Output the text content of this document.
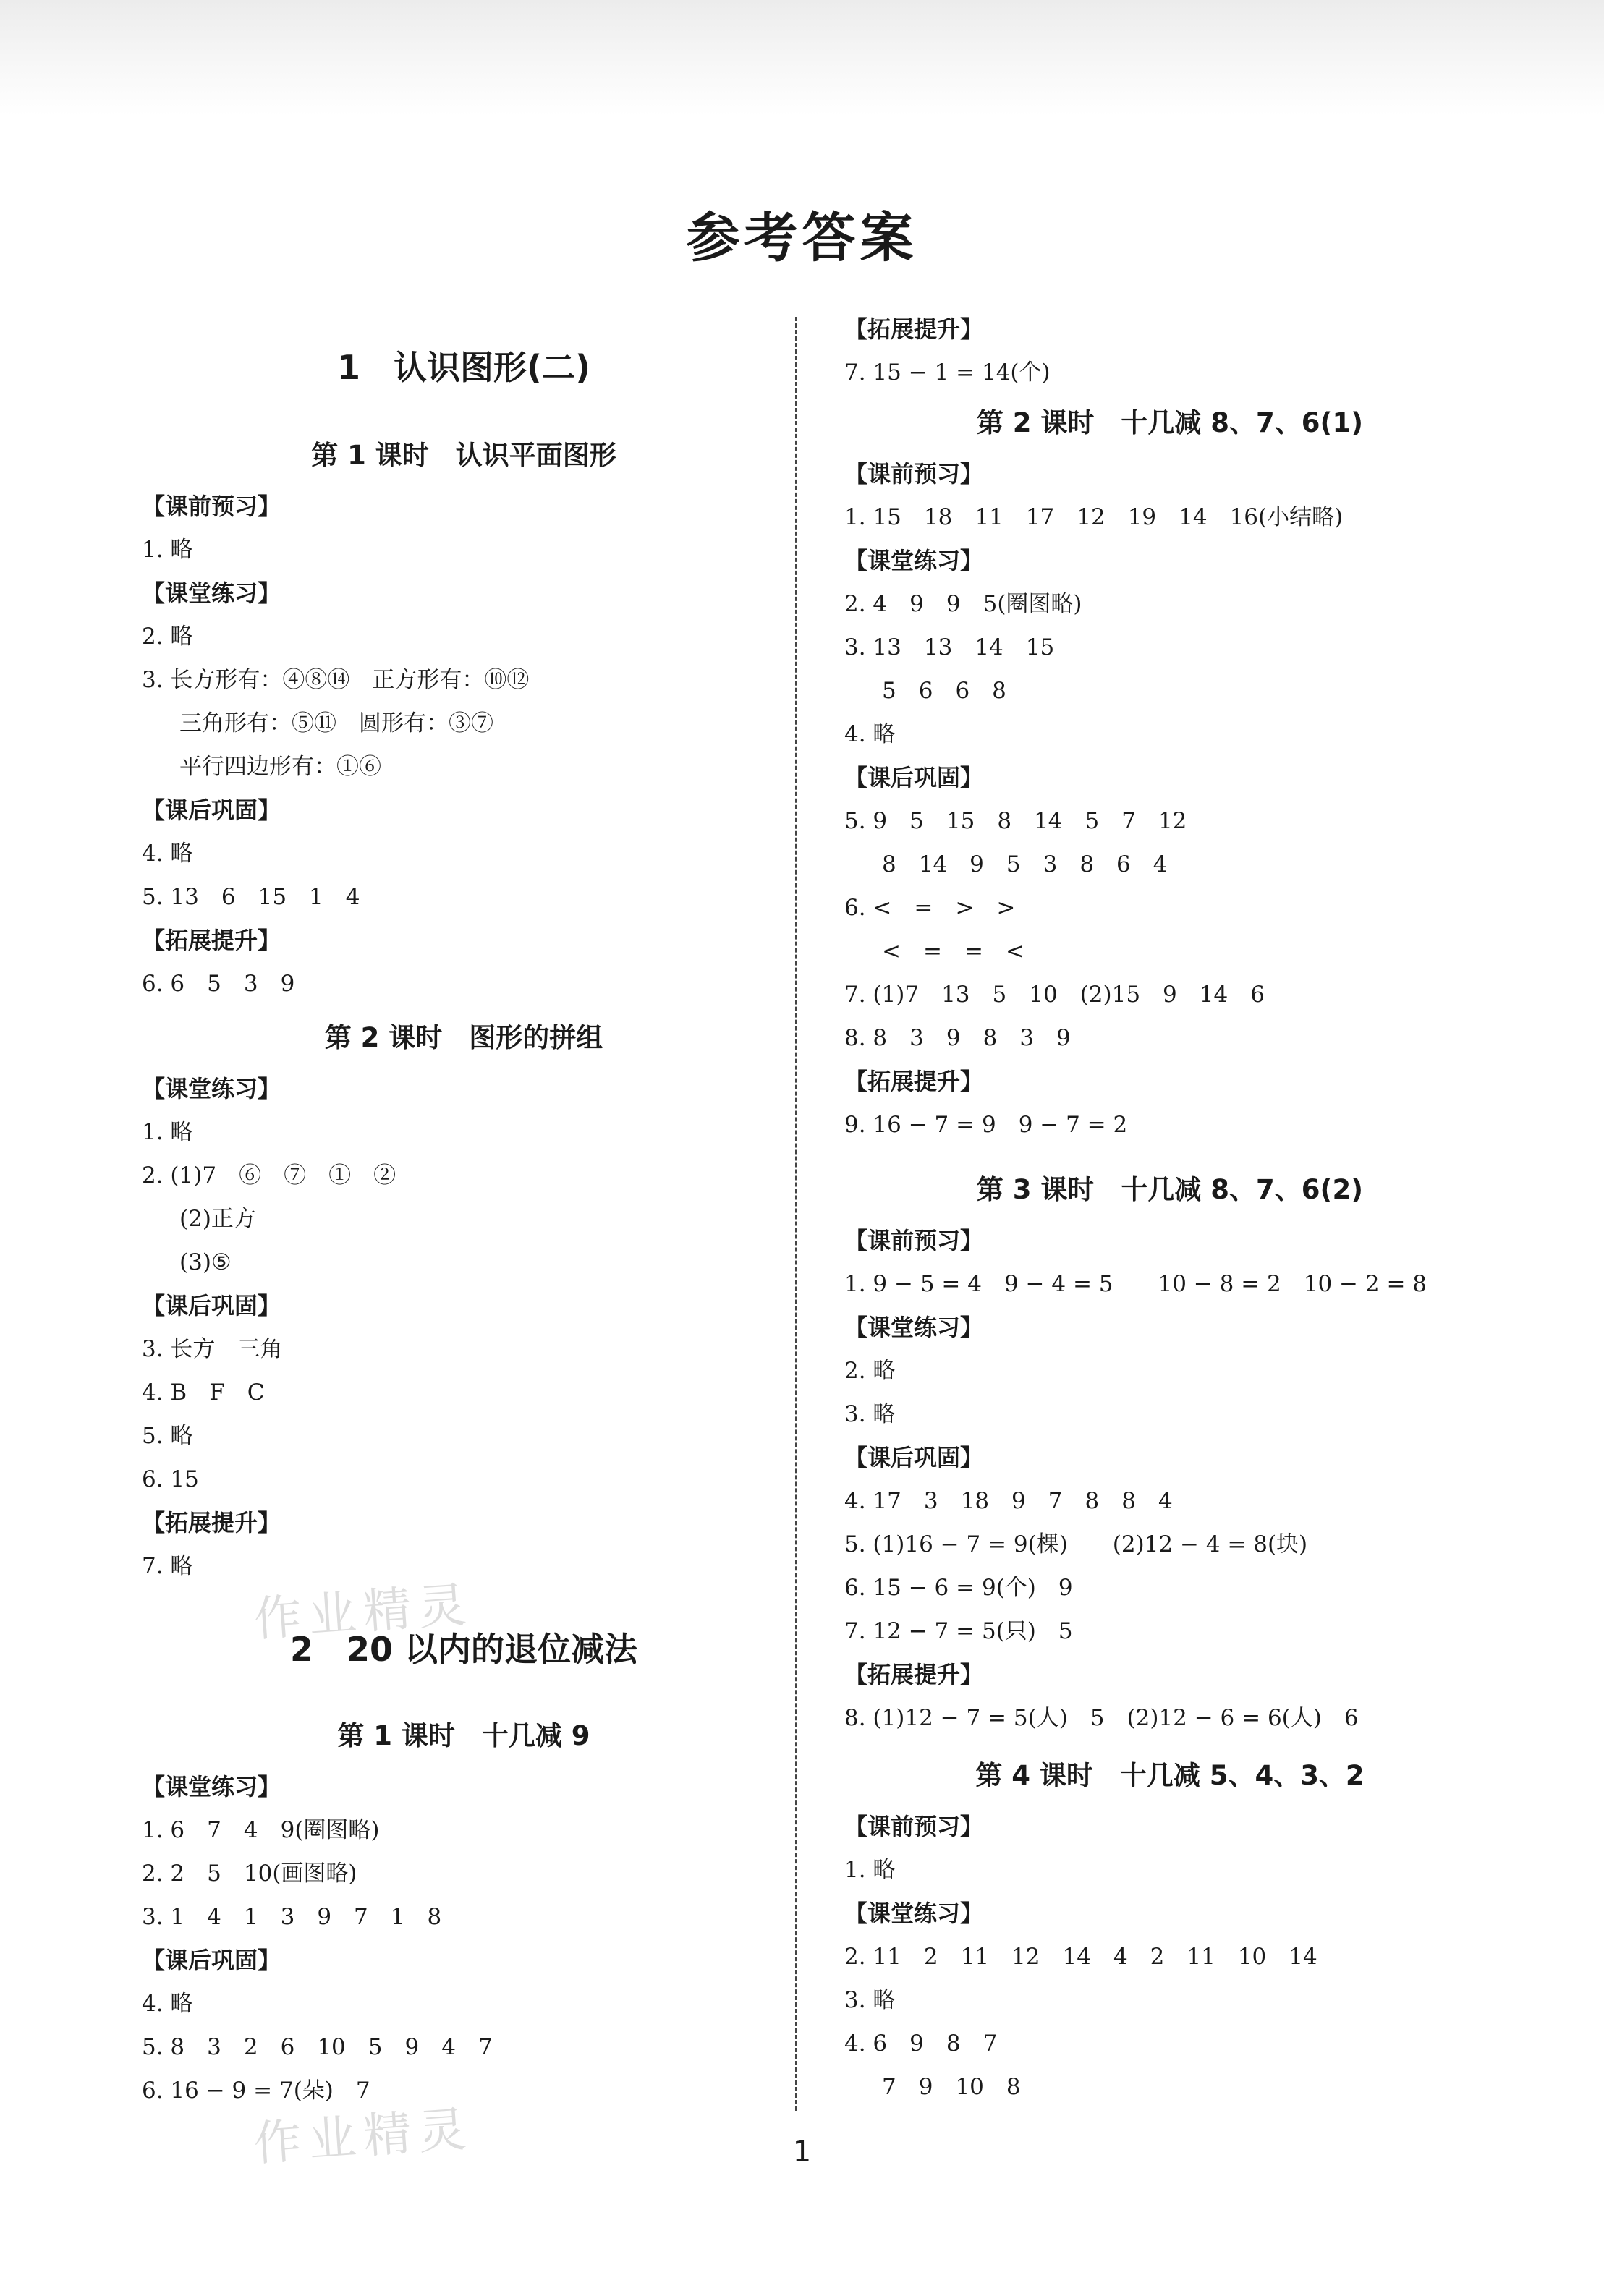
参考答案
1　认识图形(二)
第 1 课时　认识平面图形
【课前预习】
1. 略
【课堂练习】
2. 略
3. 长方形有：④⑧⑭　正方形有：⑩⑫
三角形有：⑤⑪　圆形有：③⑦
平行四边形有：①⑥
【课后巩固】
4. 略
5. 13　6　15　1　4
【拓展提升】
6. 6　5　3　9
第 2 课时　图形的拼组
【课堂练习】
1. 略
2. (1)7　⑥　⑦　①　②
(2)正方
(3)⑤
【课后巩固】
3. 长方　三角
4. B　F　C
5. 略
6. 15
【拓展提升】
7. 略
2　20 以内的退位减法
第 1 课时　十几减 9
【课堂练习】
1. 6　7　4　9(圈图略)
2. 2　5　10(画图略)
3. 1　4　1　3　9　7　1　8
【课后巩固】
4. 略
5. 8　3　2　6　10　5　9　4　7
6. 16 − 9 = 7(朵)　7
【拓展提升】
7. 15 − 1 = 14(个)
第 2 课时　十几减 8、7、6(1)
【课前预习】
1. 15　18　11　17　12　19　14　16(小结略)
【课堂练习】
2. 4　9　9　5(圈图略)
3. 13　13　14　15
5　6　6　8
4. 略
【课后巩固】
5. 9　5　15　8　14　5　7　12
8　14　9　5　3　8　6　4
6. <　=　>　>
<　=　=　<
7. (1)7　13　5　10　(2)15　9　14　6
8. 8　3　9　8　3　9
【拓展提升】
9. 16 − 7 = 9　9 − 7 = 2
第 3 课时　十几减 8、7、6(2)
【课前预习】
1. 9 − 5 = 4　9 − 4 = 5　　10 − 8 = 2　10 − 2 = 8
【课堂练习】
2. 略
3. 略
【课后巩固】
4. 17　3　18　9　7　8　8　4
5. (1)16 − 7 = 9(棵)　　(2)12 − 4 = 8(块)
6. 15 − 6 = 9(个)　9
7. 12 − 7 = 5(只)　5
【拓展提升】
8. (1)12 − 7 = 5(人)　5　(2)12 − 6 = 6(人)　6
第 4 课时　十几减 5、4、3、2
【课前预习】
1. 略
【课堂练习】
2. 11　2　11　12　14　4　2　11　10　14
3. 略
4. 6　9　8　7
7　9　10　8
作业精灵
作业精灵	1
